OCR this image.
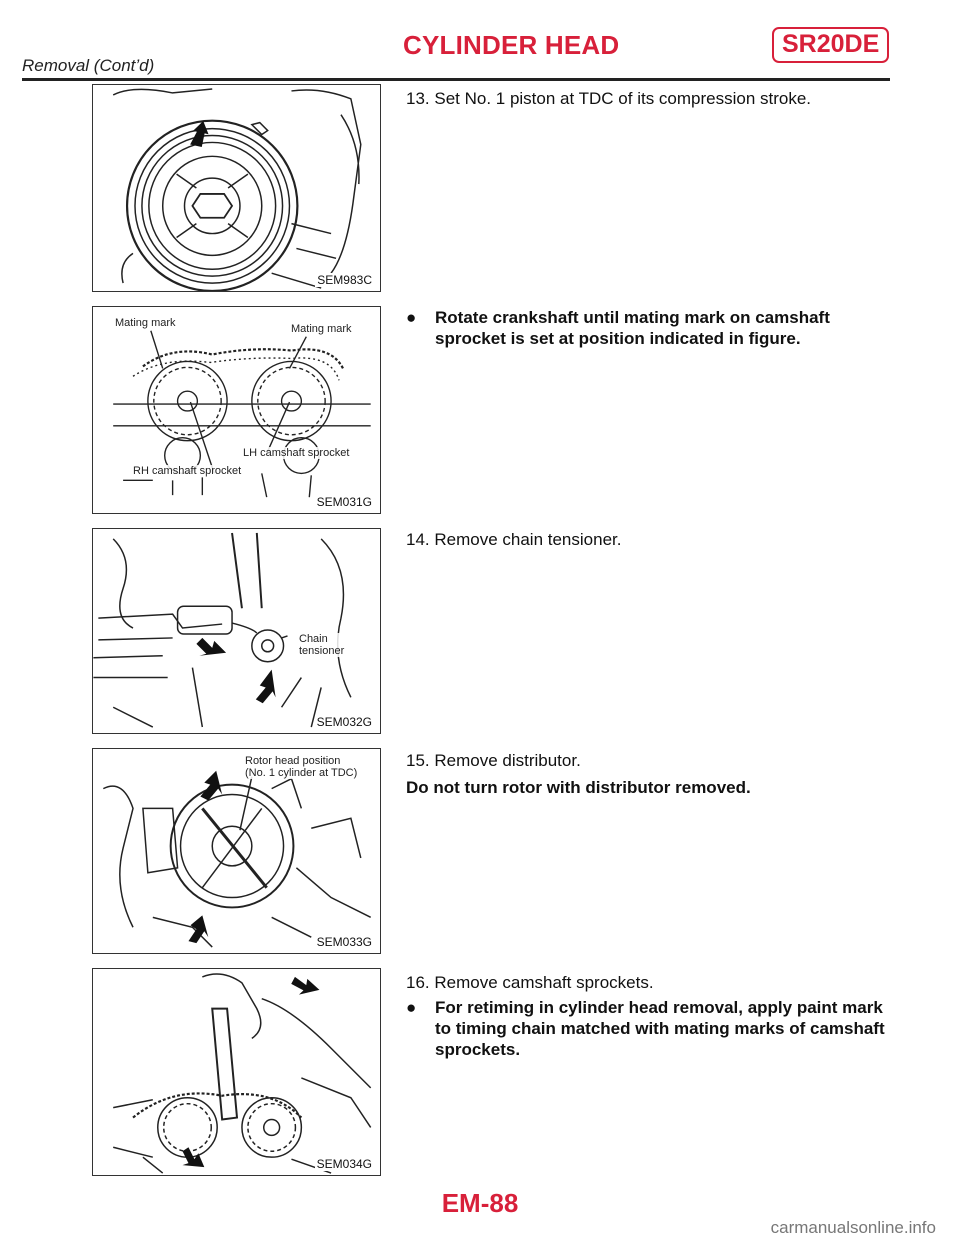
CYLINDER HEAD	SR20DE
Removal (Cont’d)
SEM983C
Mating mark	Mating mark
LH camshaft sprocket
RH camshaft sprocket
SEM031G
Chain
tensioner
SEM032G
Rotor head position
(No. 1 cylinder at TDC)
SEM033G
SEM034G
13. Set No. 1 piston at TDC of its compression stroke.
● Rotate crankshaft until mating mark on camshaft sprocket is set at position indicated in figure.
14. Remove chain tensioner.
15. Remove distributor.
Do not turn rotor with distributor removed.
16. Remove camshaft sprockets.
● For retiming in cylinder head removal, apply paint mark to timing chain matched with mating marks of camshaft sprockets.
EM-88
carmanualsonline.info
